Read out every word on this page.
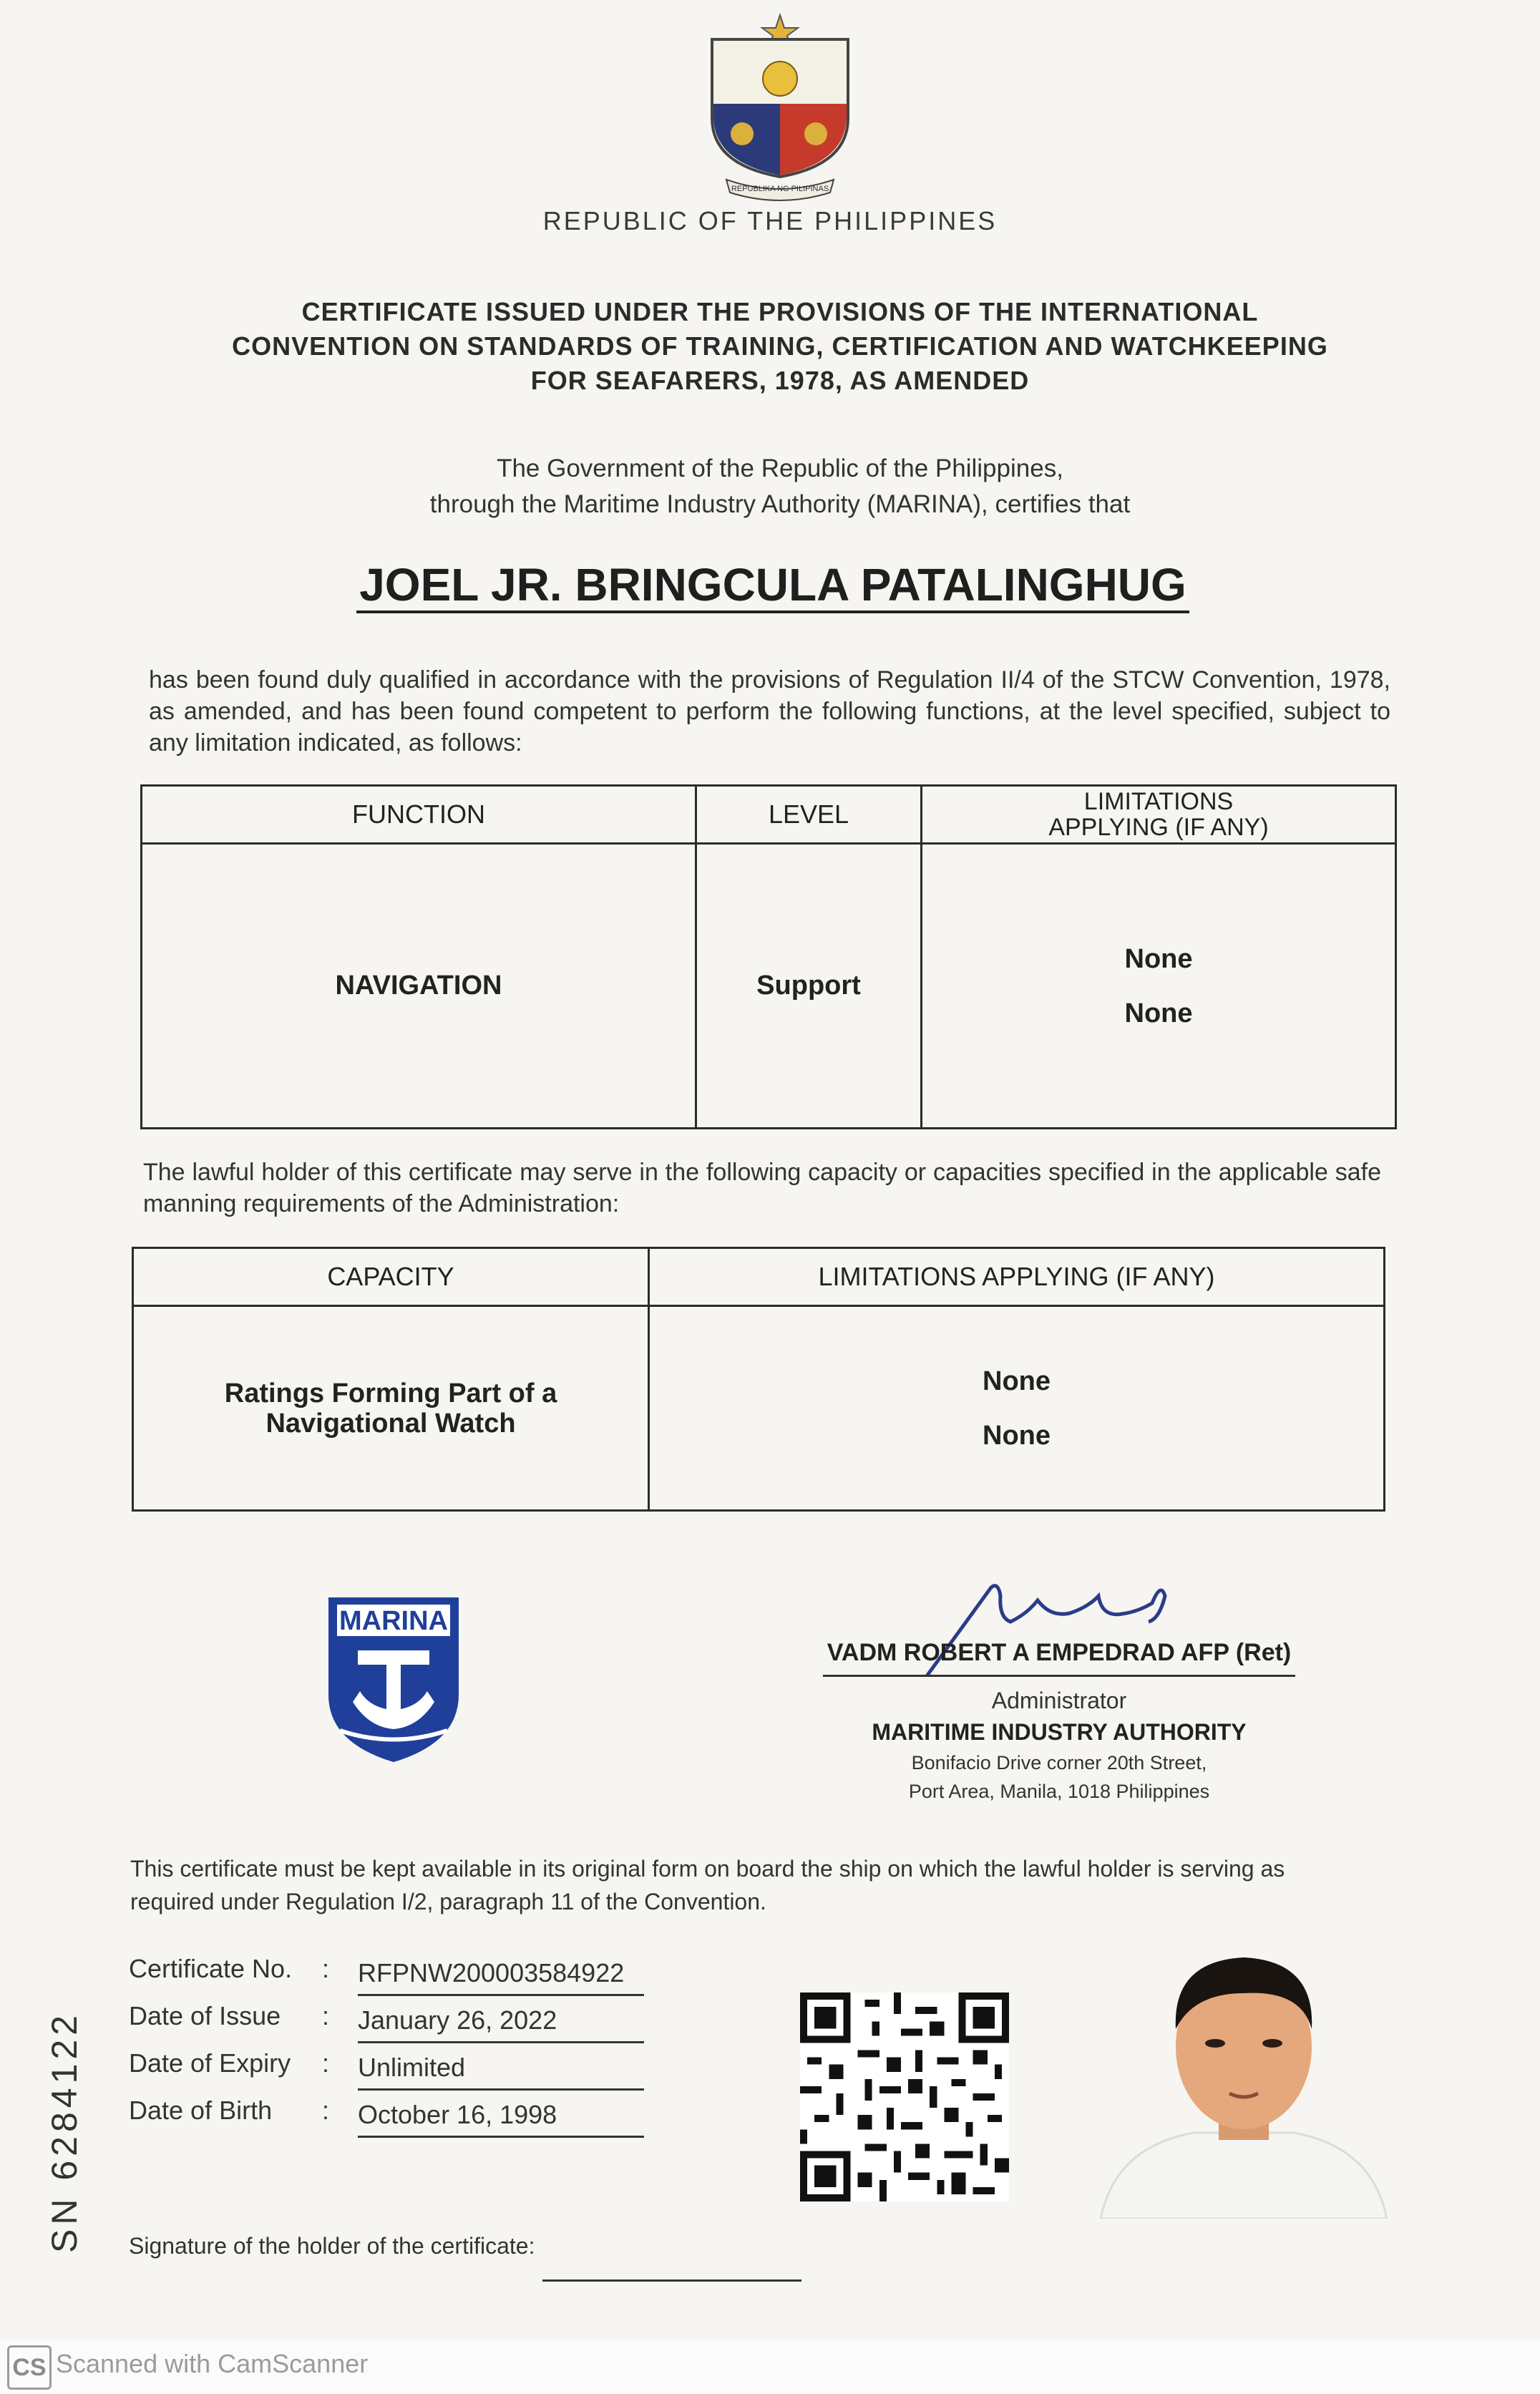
REPUBLIKA NG PILIPINAS
REPUBLIC OF THE PHILIPPINES
CERTIFICATE ISSUED UNDER THE PROVISIONS OF THE INTERNATIONAL
CONVENTION ON STANDARDS OF TRAINING, CERTIFICATION AND WATCHKEEPING
FOR SEAFARERS, 1978, AS AMENDED
The Government of the Republic of the Philippines,
through the Maritime Industry Authority (MARINA), certifies that
JOEL JR. BRINGCULA PATALINGHUG
has been found duly qualified in accordance with the provisions of Regulation II/4 of the STCW Convention, 1978, as amended, and has been found competent to perform the following functions, at the level specified, subject to any limitation indicated, as follows:
FUNCTION	LEVEL	LIMITATIONS APPLYING (IF ANY)
NAVIGATION	Support	None
None
The lawful holder of this certificate may serve in the following capacity or capacities specified in the applicable safe manning requirements of the Administration:
CAPACITY	LIMITATIONS APPLYING (IF ANY)
Ratings Forming Part of a Navigational Watch	None
None
MARINA
VADM ROBERT A EMPEDRAD AFP (Ret)
Administrator
MARITIME INDUSTRY AUTHORITY
Bonifacio Drive corner 20th Street,
Port Area, Manila, 1018 Philippines
This certificate must be kept available in its original form on board the ship on which the lawful holder is serving as required under Regulation I/2, paragraph 11 of the Convention.
Certificate No. : RFPNW200003584922
Date of Issue : January 26, 2022
Date of Expiry : Unlimited
Date of Birth : October 16, 1998
SN 6284122 Signature of the holder of the certificate:
CS Scanned with CamScanner
